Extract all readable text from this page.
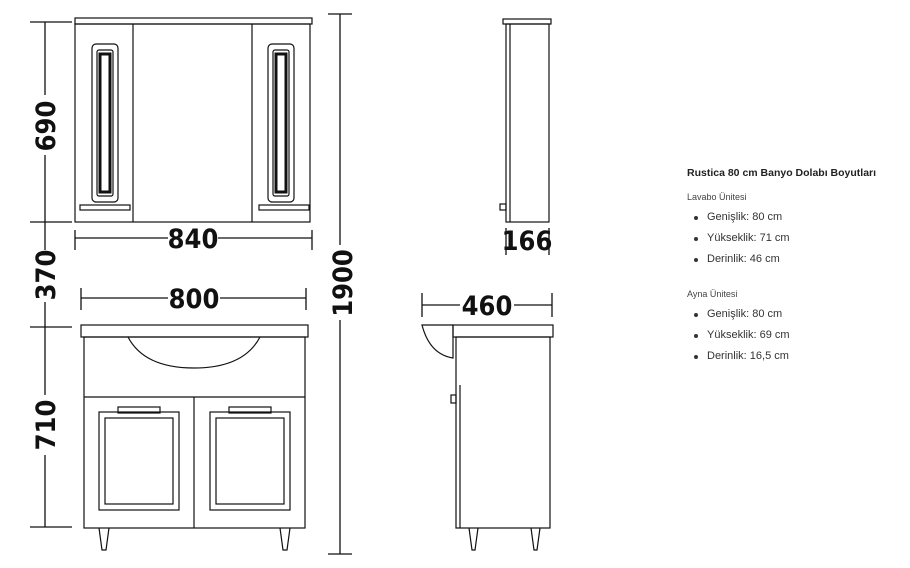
690
370
710
1900
840
800
166
460
Rustica 80 cm Banyo Dolabı Boyutları
Lavabo Ünitesi
Genişlik: 80 cm
Yükseklik: 71 cm
Derinlik: 46 cm
Ayna Ünitesi
Genişlik: 80 cm
Yükseklik: 69 cm
Derinlik: 16,5 cm
